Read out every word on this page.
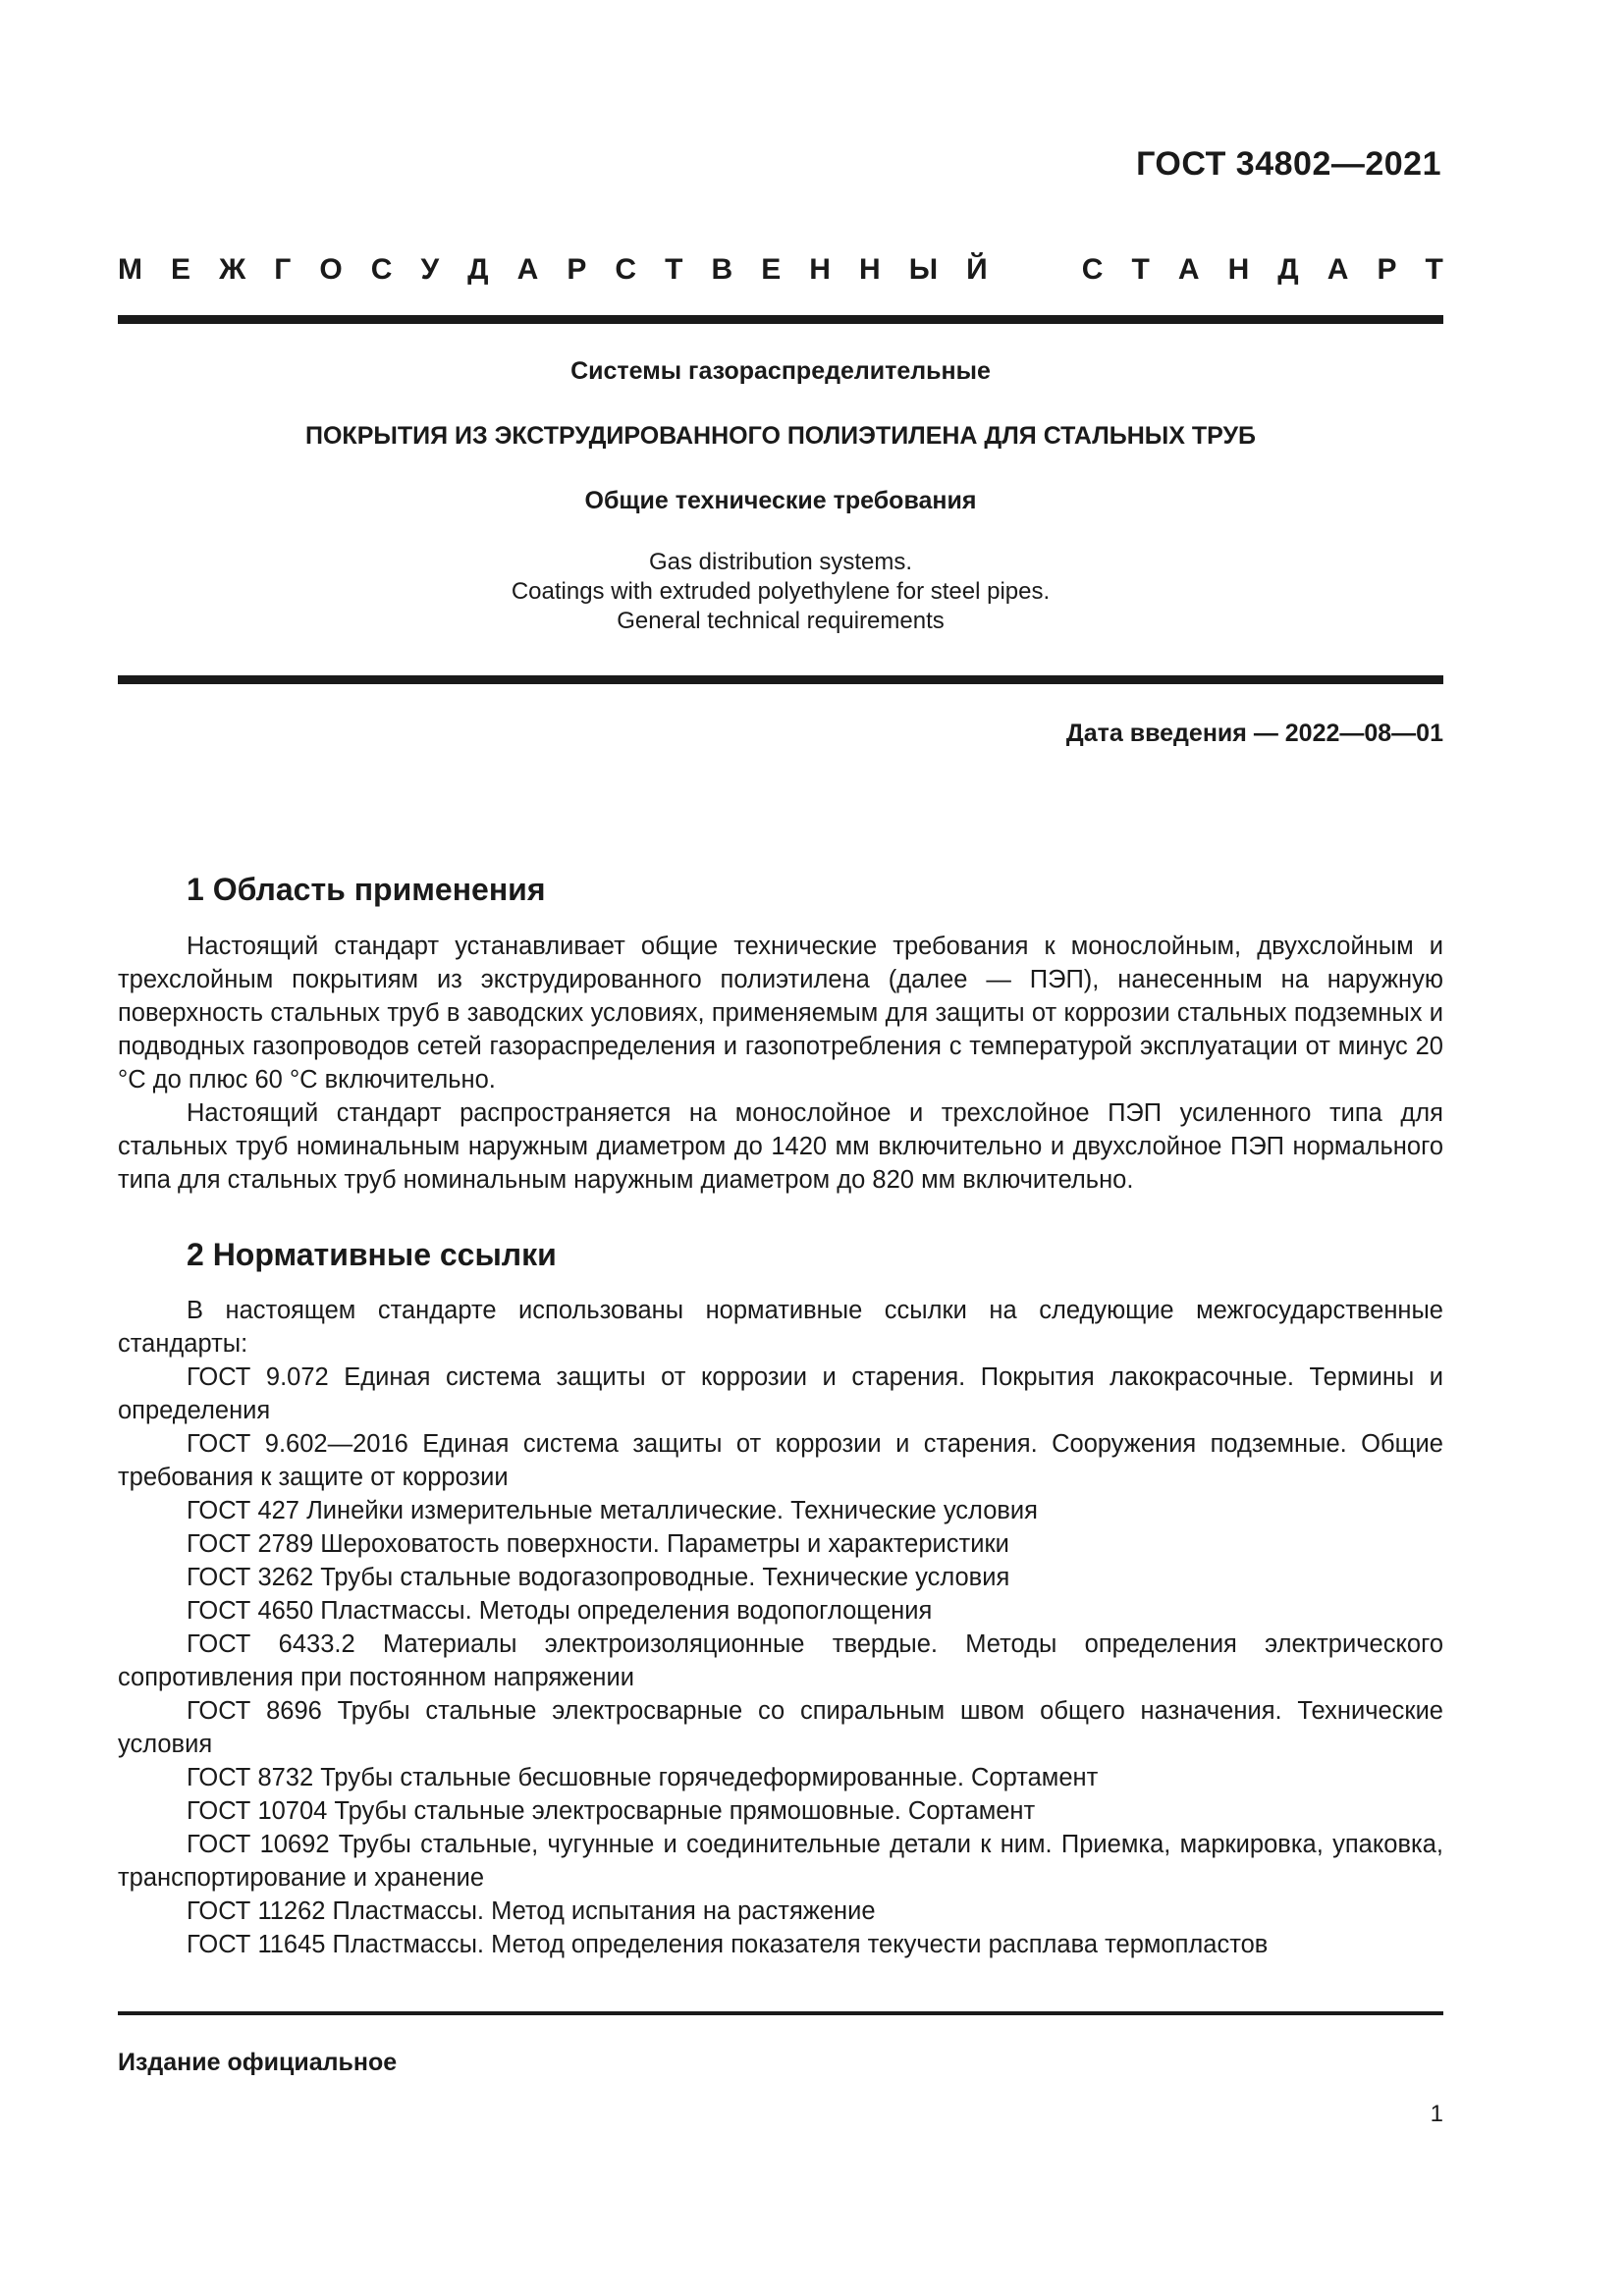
ГОСТ 34802—2021
М Е Ж Г О С У Д А Р С Т В Е Н Н Ы Й	С Т А Н Д А Р Т
Системы газораспределительные
ПОКРЫТИЯ ИЗ ЭКСТРУДИРОВАННОГО ПОЛИЭТИЛЕНА ДЛЯ СТАЛЬНЫХ ТРУБ
Общие технические требования
Gas distribution systems.
Coatings with extruded polyethylene for steel pipes.
General technical requirements
Дата введения — 2022—08—01
1 Область применения

Настоящий стандарт устанавливает общие технические требования к монослойным, двухслойным и трехслойным покрытиям из экструдированного полиэтилена (далее — ПЭП), нанесенным на наружную поверхность стальных труб в заводских условиях, применяемым для защиты от коррозии стальных подземных и подводных газопроводов сетей газораспределения и газопотребления с температурой эксплуатации от минус 20 °С до плюс 60 °С включительно.

Настоящий стандарт распространяется на монослойное и трехслойное ПЭП усиленного типа для стальных труб номинальным наружным диаметром до 1420 мм включительно и двухслойное ПЭП нормального типа для стальных труб номинальным наружным диаметром до 820 мм включительно.

2 Нормативные ссылки

В настоящем стандарте использованы нормативные ссылки на следующие межгосударственные стандарты:

ГОСТ 9.072 Единая система защиты от коррозии и старения. Покрытия лакокрасочные. Термины и определения

ГОСТ 9.602—2016 Единая система защиты от коррозии и старения. Сооружения подземные. Общие требования к защите от коррозии

ГОСТ 427 Линейки измерительные металлические. Технические условия

ГОСТ 2789 Шероховатость поверхности. Параметры и характеристики

ГОСТ 3262 Трубы стальные водогазопроводные. Технические условия

ГОСТ 4650 Пластмассы. Методы определения водопоглощения

ГОСТ 6433.2 Материалы электроизоляционные твердые. Методы определения электрического сопротивления при постоянном напряжении

ГОСТ 8696 Трубы стальные электросварные со спиральным швом общего назначения. Технические условия

ГОСТ 8732 Трубы стальные бесшовные горячедеформированные. Сортамент

ГОСТ 10704 Трубы стальные электросварные прямошовные. Сортамент

ГОСТ 10692 Трубы стальные, чугунные и соединительные детали к ним. Приемка, маркировка, упаковка, транспортирование и хранение

ГОСТ 11262 Пластмассы. Метод испытания на растяжение

ГОСТ 11645 Пластмассы. Метод определения показателя текучести расплава термопластов

Издание официальное
1
